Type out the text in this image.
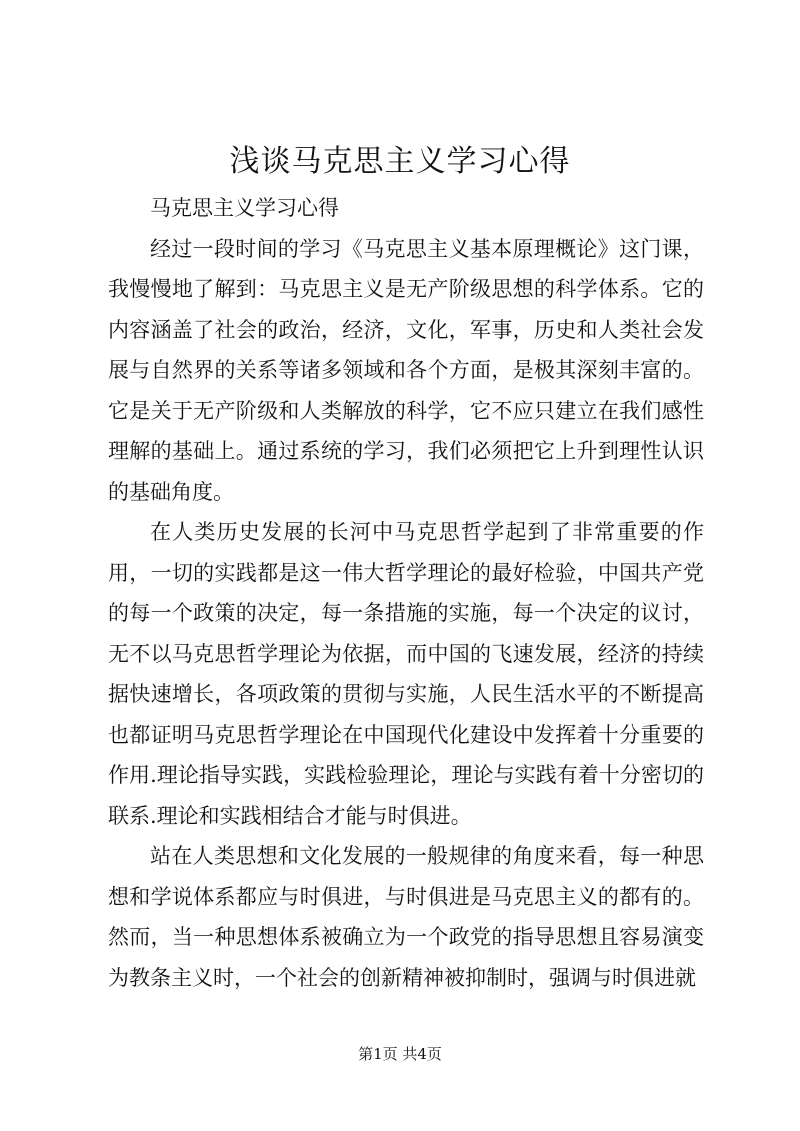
浅谈马克思主义学习心得

马克思主义学习心得

经过一段时间的学习《马克思主义基本原理概论》这门课，我慢慢地了解到：马克思主义是无产阶级思想的科学体系。它的内容涵盖了社会的政治，经济，文化，军事，历史和人类社会发展与自然界的关系等诸多领域和各个方面，是极其深刻丰富的。它是关于无产阶级和人类解放的科学，它不应只建立在我们感性理解的基础上。通过系统的学习，我们必须把它上升到理性认识的基础角度。

在人类历史发展的长河中马克思哲学起到了非常重要的作用，一切的实践都是这一伟大哲学理论的最好检验，中国共产党的每一个政策的决定，每一条措施的实施，每一个决定的议讨，无不以马克思哲学理论为依据，而中国的飞速发展，经济的持续据快速增长，各项政策的贯彻与实施，人民生活水平的不断提高也都证明马克思哲学理论在中国现代化建设中发挥着十分重要的作用.理论指导实践，实践检验理论，理论与实践有着十分密切的联系.理论和实践相结合才能与时俱进。

站在人类思想和文化发展的一般规律的角度来看，每一种思想和学说体系都应与时俱进，与时俱进是马克思主义的都有的。然而，当一种思想体系被确立为一个政党的指导思想且容易演变为教条主义时，一个社会的创新精神被抑制时，强调与时俱进就

第1页 共4页
